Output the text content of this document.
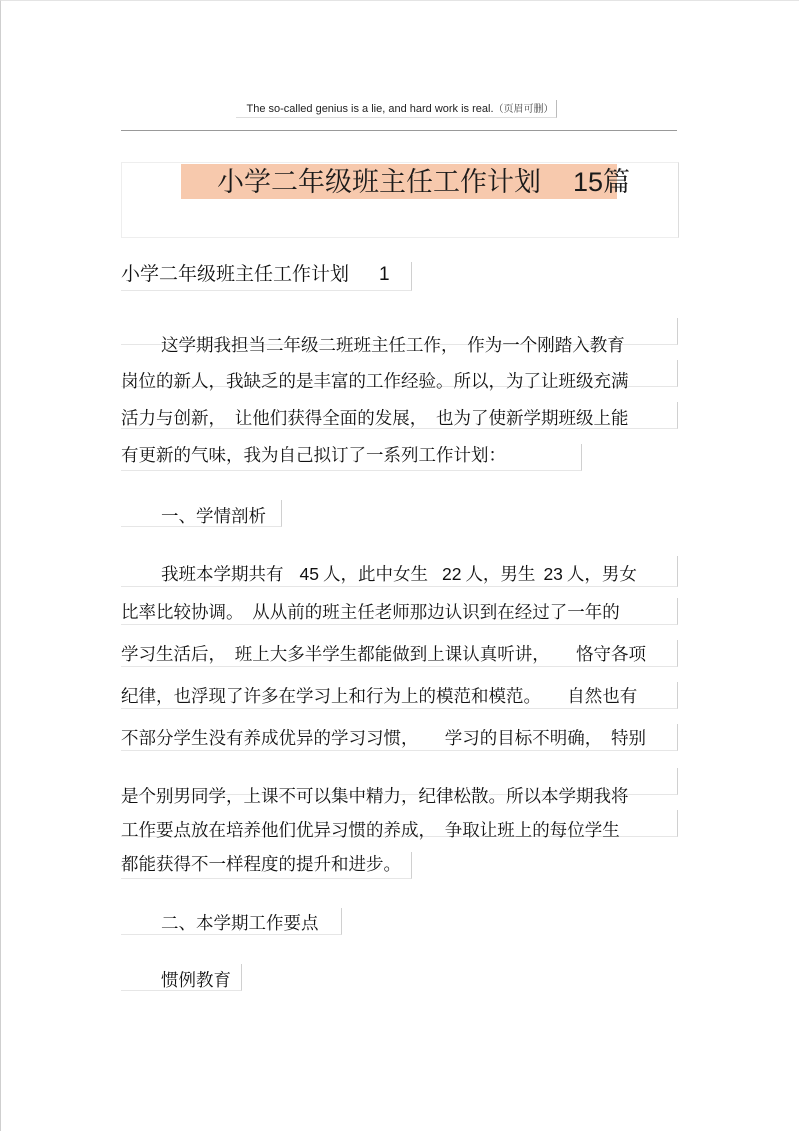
The so-called genius is a lie, and hard work is real.（页眉可删）
小学二年级班主任工作计划 15篇
小学二年级班主任工作计划 1
这学期我担当二年级二班班主任工作，　作为一个刚踏入教育
岗位的新人，我缺乏的是丰富的工作经验。所以，为了让班级充满
活力与创新，　让他们获得全面的发展，　也为了使新学期班级上能
有更新的气味，我为自己拟订了一系列工作计划：
一、学情剖析
我班本学期共有 45 人，此中女生 22 人，男生 23 人，男女
比率比较协调。　从从前的班主任老师那边认识到在经过了一年的
学习生活后，　班上大多半学生都能做到上课认真听讲，　　恪守各项
纪律，也浮现了许多在学习上和行为上的模范和模范。　　自然也有
不部分学生没有养成优异的学习习惯，　　学习的目标不明确，　特别
是个别男同学，上课不可以集中精力，纪律松散。所以本学期我将
工作要点放在培养他们优异习惯的养成，　争取让班上的每位学生
都能获得不一样程度的提升和进步。
二、本学期工作要点
惯例教育
